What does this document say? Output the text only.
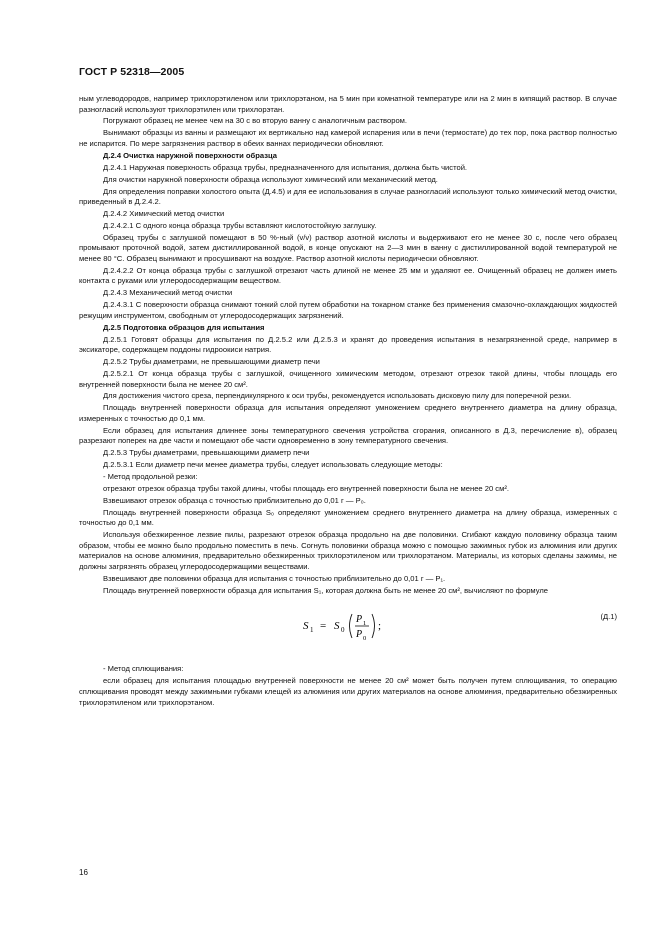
ГОСТ Р 52318—2005

ным углеводородов, например трихлорэтиленом или трихлорэтаном, на 5 мин при комнатной температуре или на 2 мин в кипящий раствор. В случае разногласий используют трихлорэтилен или трихлорэтан.

Погружают образец не менее чем на 30 с во вторую ванну с аналогичным раствором.

Вынимают образцы из ванны и размещают их вертикально над камерой испарения или в печи (термостате) до тех пор, пока раствор полностью не испарится. По мере загрязнения раствор в обеих ваннах периодически обновляют.

Д.2.4 Очистка наружной поверхности образца

Д.2.4.1 Наружная поверхность образца трубы, предназначенного для испытания, должна быть чистой.

Для очистки наружной поверхности образца используют химический или механический метод.

Для определения поправки холостого опыта (Д.4.5) и для ее использования в случае разногласий используют только химический метод очистки, приведенный в Д.2.4.2.

Д.2.4.2 Химический метод очистки

Д.2.4.2.1 С одного конца образца трубы вставляют кислотостойкую заглушку.

Образец трубы с заглушкой помещают в 50 %-ный (v/v) раствор азотной кислоты и выдерживают его не менее 30 с, после чего образец промывают проточной водой, затем дистиллированной водой, в конце опускают на 2—3 мин в ванну с дистиллированной водой температурой не менее 80 °С. Образец вынимают и просушивают на воздухе. Раствор азотной кислоты периодически обновляют.

Д.2.4.2.2 От конца образца трубы с заглушкой отрезают часть длиной не менее 25 мм и удаляют ее. Очищенный образец не должен иметь контакта с руками или углеродосодержащим веществом.

Д.2.4.3 Механический метод очистки

Д.2.4.3.1 С поверхности образца снимают тонкий слой путем обработки на токарном станке без применения смазочно-охлаждающих жидкостей режущим инструментом, свободным от углеродосодержащих загрязнений.

Д.2.5 Подготовка образцов для испытания

Д.2.5.1 Готовят образцы для испытания по Д.2.5.2 или Д.2.5.3 и хранят до проведения испытания в незагрязненной среде, например в эксикаторе, содержащем поддоны гидроокиси натрия.

Д.2.5.2 Трубы диаметрами, не превышающими диаметр печи

Д.2.5.2.1 От конца образца трубы с заглушкой, очищенного химическим методом, отрезают отрезок такой длины, чтобы площадь его внутренней поверхности была не менее 20 см².

Для достижения чистого среза, перпендикулярного к оси трубы, рекомендуется использовать дисковую пилу для поперечной резки.

Площадь внутренней поверхности образца для испытания определяют умножением среднего внутреннего диаметра на длину образца, измеренных с точностью до 0,1 мм.

Если образец для испытания длиннее зоны температурного свечения устройства сгорания, описанного в Д.3, перечисление в), образец разрезают поперек на две части и помещают обе части одновременно в зону температурного свечения.

Д.2.5.3 Трубы диаметрами, превышающими диаметр печи

Д.2.5.3.1 Если диаметр печи менее диаметра трубы, следует использовать следующие методы:

- Метод продольной резки:

отрезают отрезок образца трубы такой длины, чтобы площадь его внутренней поверхности была не менее 20 см².

Взвешивают отрезок образца с точностью приблизительно до 0,01 г — P₀.

Площадь внутренней поверхности образца S₀ определяют умножением среднего внутреннего диаметра на длину образца, измеренных с точностью до 0,1 мм.

Используя обезжиренное лезвие пилы, разрезают отрезок образца продольно на две половинки. Сгибают каждую половинку образца таким образом, чтобы ее можно было продольно поместить в печь. Согнуть половинки образца можно с помощью зажимных губок из алюминия или других материалов на основе алюминия, предварительно обезжиренных трихлорэтиленом или трихлорэтаном. Материалы, из которых сделаны зажимы, не должны загрязнять образец углеродосодержащими веществами.

Взвешивают две половинки образца для испытания с точностью приблизительно до 0,01 г — P₁.

Площадь внутренней поверхности образца для испытания S₁, которая должна быть не менее 20 см², вычисляют по формуле

S 1 = S 0
P 1
P 0
;
(Д.1)

- Метод сплющивания:

если образец для испытания площадью внутренней поверхности не менее 20 см² может быть получен путем сплющивания, то операцию сплющивания проводят между зажимными губками клещей из алюминия или других материалов на основе алюминия, предварительно обезжиренных трихлорэтиленом или трихлорэтаном.

16
